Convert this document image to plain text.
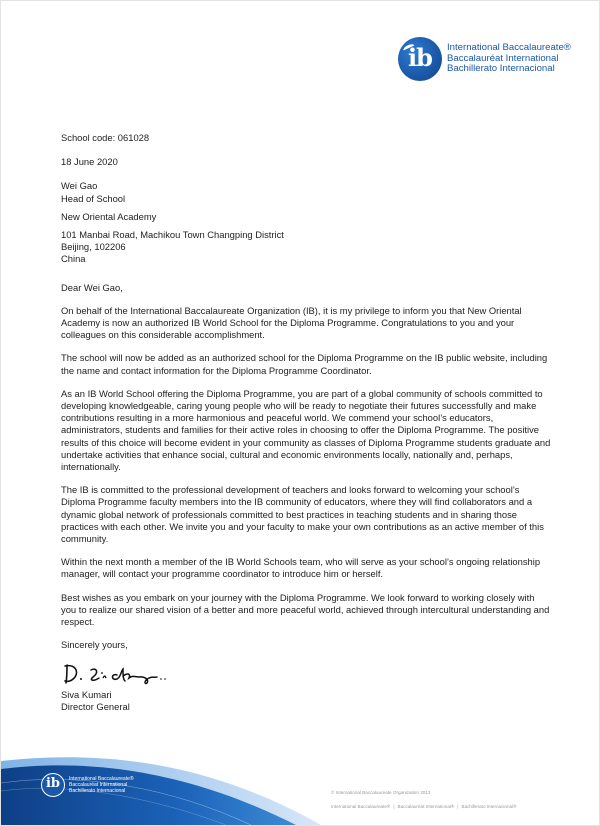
ib	International Baccalaureate®
Baccalauréat International
Bachillerato Internacional

School code: 061028

18 June 2020

Wei Gao

Head of School

New Oriental Academy

101 Manbai Road, Machikou Town Changping District

Beijing, 102206

China

Dear Wei Gao,

On behalf of the International Baccalaureate Organization (IB), it is my privilege to inform you that New Oriental Academy is now an authorized IB World School for the Diploma Programme. Congratulations to you and your colleagues on this considerable accomplishment.

The school will now be added as an authorized school for the Diploma Programme on the IB public website, including the name and contact information for the Diploma Programme Coordinator.

As an IB World School offering the Diploma Programme, you are part of a global community of schools committed to developing knowledgeable, caring young people who will be ready to negotiate their futures successfully and make contributions resulting in a more harmonious and peaceful world. We commend your school’s educators, administrators, students and families for their active roles in choosing to offer the Diploma Programme. The positive results of this choice will become evident in your community as classes of Diploma Programme students graduate and undertake activities that enhance social, cultural and economic environments locally, nationally and, perhaps, internationally.

The IB is committed to the professional development of teachers and looks forward to welcoming your school’s Diploma Programme faculty members into the IB community of educators, where they will find collaborators and a dynamic global network of professionals committed to best practices in teaching students and in sharing those practices with each other. We invite you and your faculty to make your own contributions as an active member of this community.

Within the next month a member of the IB World Schools team, who will serve as your school’s ongoing relationship manager, will contact your programme coordinator to introduce him or herself.

Best wishes as you embark on your journey with the Diploma Programme. We look forward to working closely with you to realize our shared vision of a better and more peaceful world, achieved through intercultural understanding and respect.

Sincerely yours,

Siva Kumari

Director General

ib	International Baccalaureate®
Baccalauréat International
Bachillerato Internacional	© International Baccalaureate Organization 2013
International Baccalaureate® | Baccalauréat International® | Bachillerato Internacional®
